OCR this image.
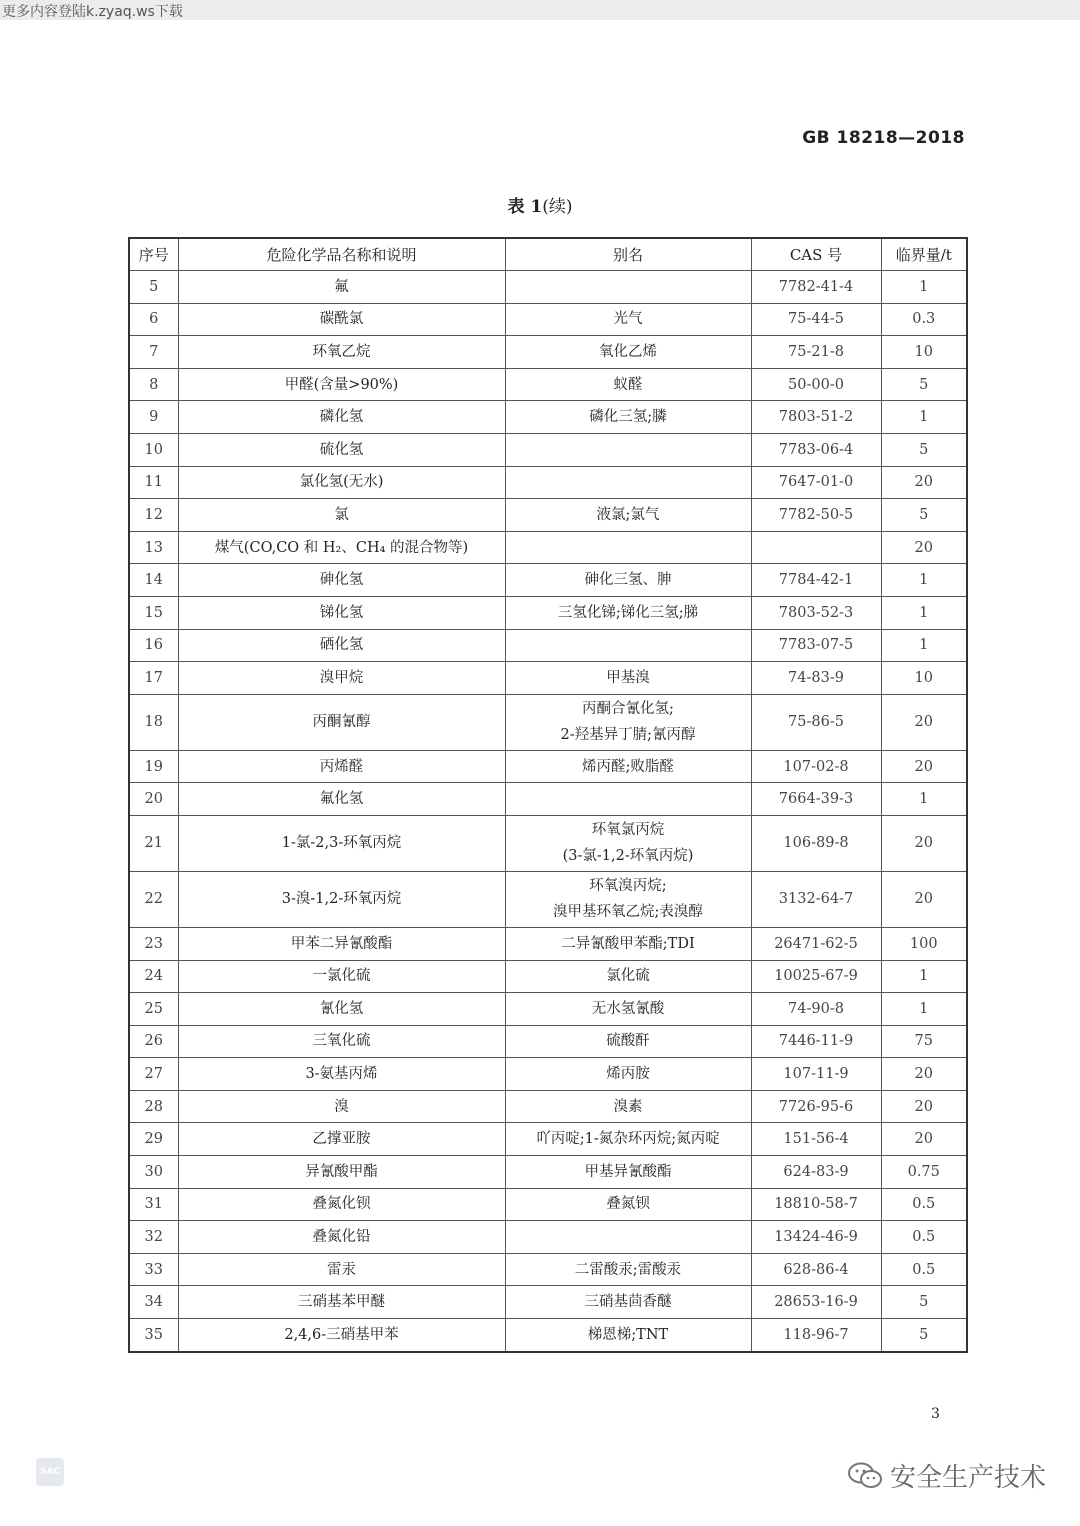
更多内容登陆k.zyaq.ws下载
GB 18218—2018
表 1(续)
序号	危险化学品名称和说明	别名	CAS 号	临界量/t
5	氟		7782-41-4	1
6	碳酰氯	光气	75-44-5	0.3
7	环氧乙烷	氧化乙烯	75-21-8	10
8	甲醛(含量>90%)	蚁醛	50-00-0	5
9	磷化氢	磷化三氢;膦	7803-51-2	1
10	硫化氢		7783-06-4	5
11	氯化氢(无水)		7647-01-0	20
12	氯	液氯;氯气	7782-50-5	5
13	煤气(CO,CO 和 H₂、CH₄ 的混合物等)			20
14	砷化氢	砷化三氢、胂	7784-42-1	1
15	锑化氢	三氢化锑;锑化三氢;䏲	7803-52-3	1
16	硒化氢		7783-07-5	1
17	溴甲烷	甲基溴	74-83-9	10
18	丙酮氰醇	丙酮合氰化氢;
2-羟基异丁腈;氰丙醇	75-86-5	20
19	丙烯醛	烯丙醛;败脂醛	107-02-8	20
20	氟化氢		7664-39-3	1
21	1-氯-2,3-环氧丙烷	环氧氯丙烷
(3-氯-1,2-环氧丙烷)	106-89-8	20
22	3-溴-1,2-环氧丙烷	环氧溴丙烷;
溴甲基环氧乙烷;表溴醇	3132-64-7	20
23	甲苯二异氰酸酯	二异氰酸甲苯酯;TDI	26471-62-5	100
24	一氯化硫	氯化硫	10025-67-9	1
25	氰化氢	无水氢氰酸	74-90-8	1
26	三氧化硫	硫酸酐	7446-11-9	75
27	3-氨基丙烯	烯丙胺	107-11-9	20
28	溴	溴素	7726-95-6	20
29	乙撑亚胺	吖丙啶;1-氮杂环丙烷;氮丙啶	151-56-4	20
30	异氰酸甲酯	甲基异氰酸酯	624-83-9	0.75
31	叠氮化钡	叠氮钡	18810-58-7	0.5
32	叠氮化铅		13424-46-9	0.5
33	雷汞	二雷酸汞;雷酸汞	628-86-4	0.5
34	三硝基苯甲醚	三硝基茴香醚	28653-16-9	5
35	2,4,6-三硝基甲苯	梯恩梯;TNT	118-96-7	5
3
SAC	安全生产技术
